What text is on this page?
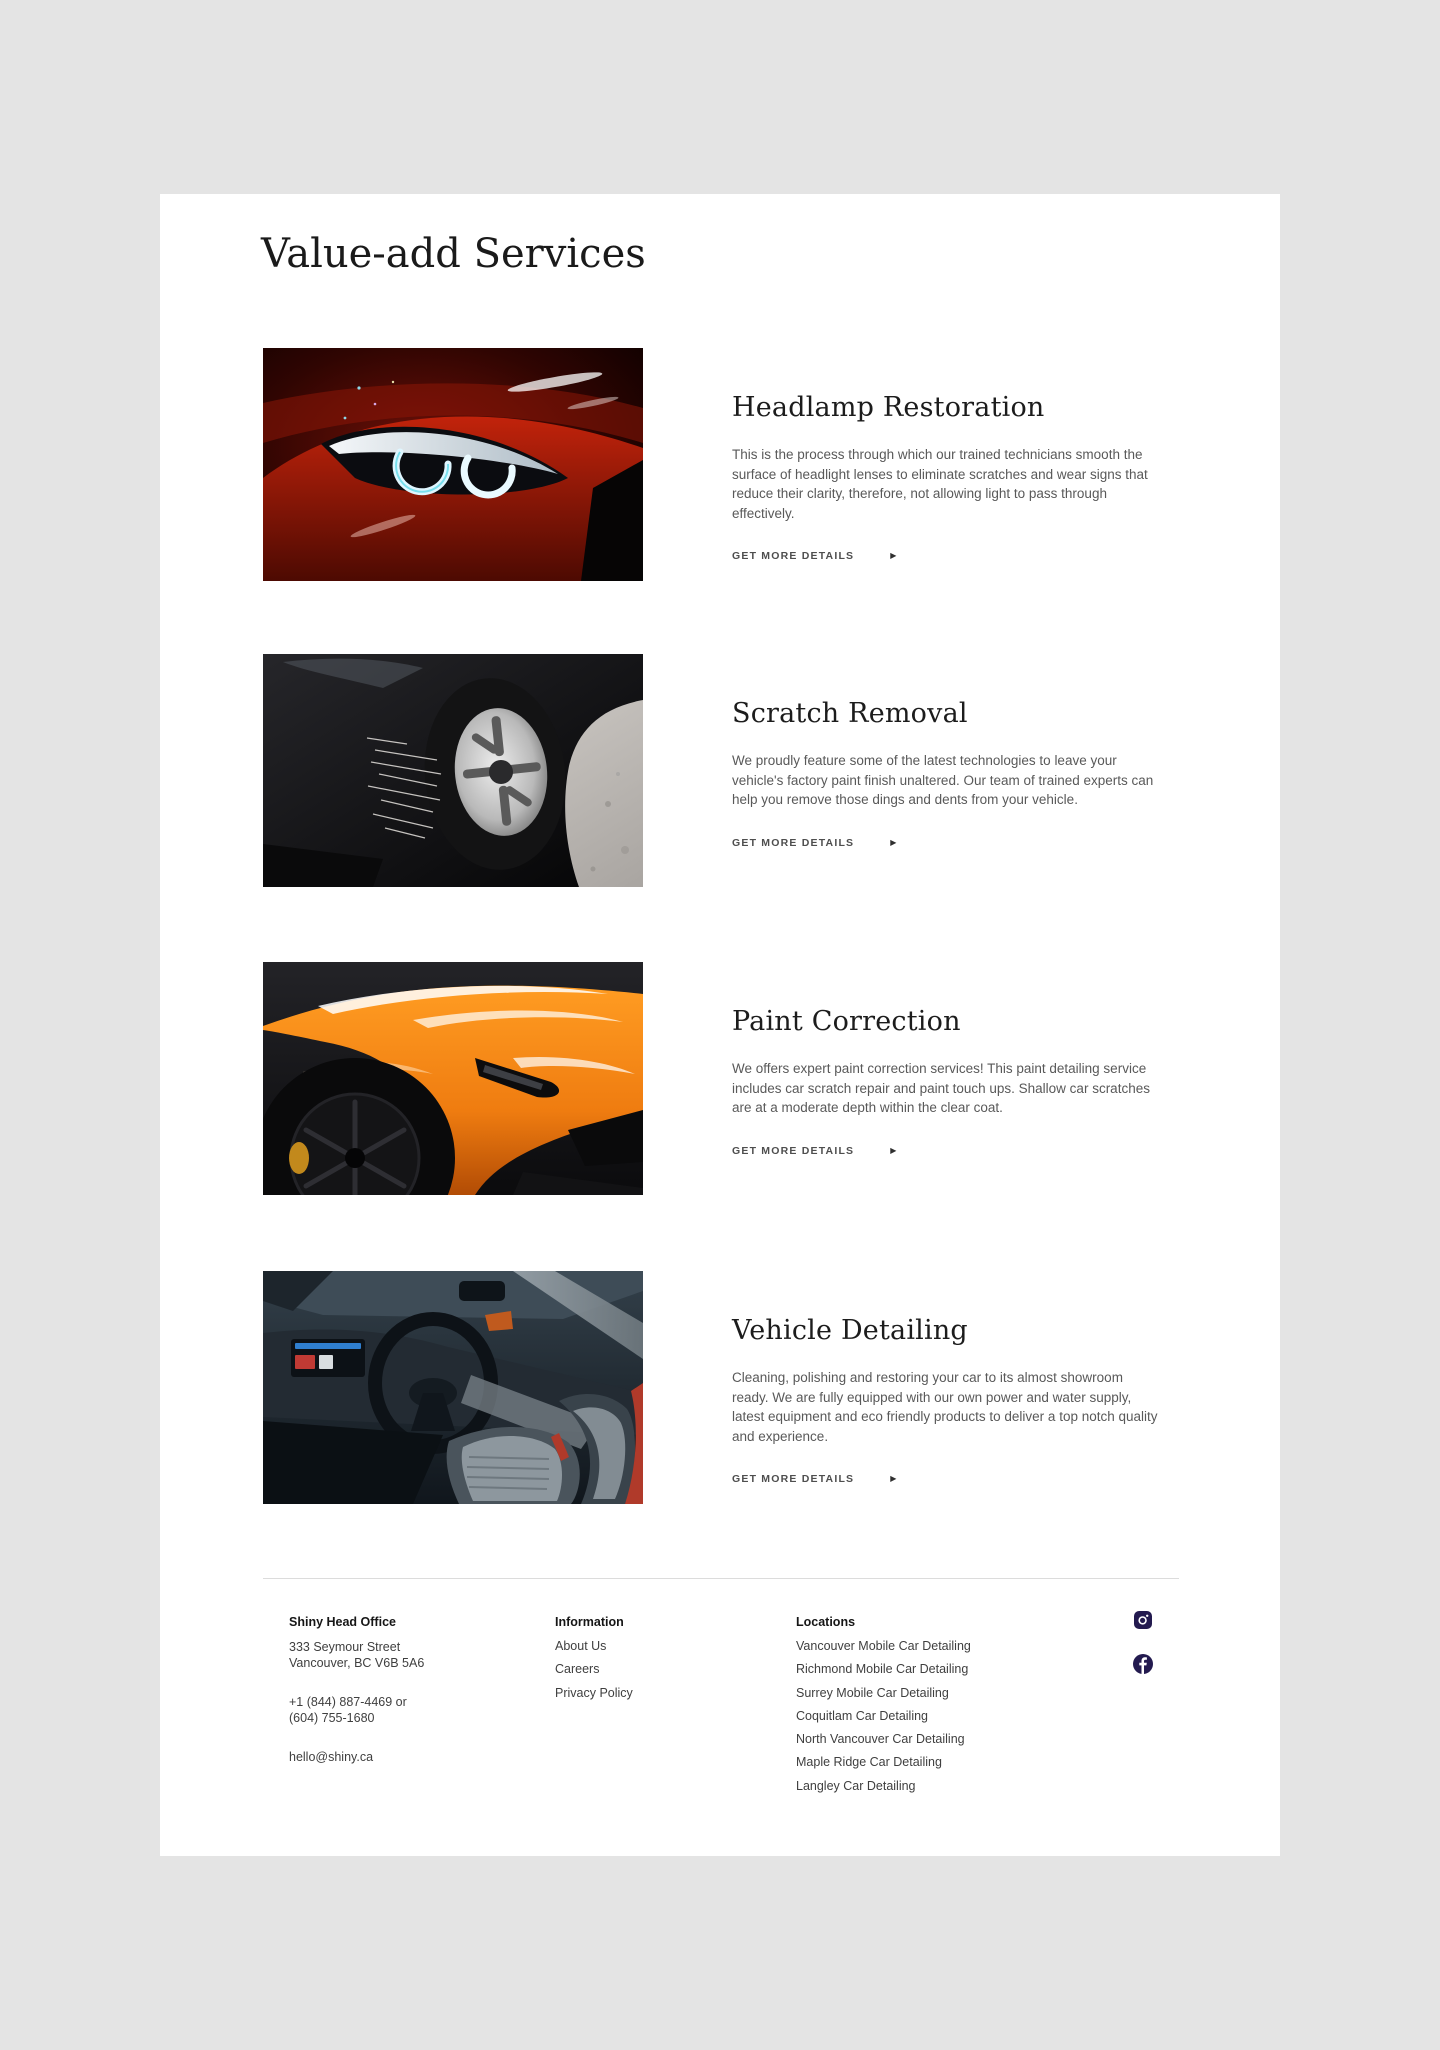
Value-add Services
Headlamp Restoration

This is the process through which our trained technicians smooth the surface of headlight lenses to eliminate scratches and wear signs that reduce their clarity, therefore, not allowing light to pass through effectively.

GET MORE DETAILS	▶
Scratch Removal

We proudly feature some of the latest technologies to leave your vehicle's factory paint finish unaltered. Our team of trained experts can help you remove those dings and dents from your vehicle.

GET MORE DETAILS	▶
Paint Correction

We offers expert paint correction services! This paint detailing service includes car scratch repair and paint touch ups. Shallow car scratches are at a moderate depth within the clear coat.

GET MORE DETAILS	▶
Vehicle Detailing

Cleaning, polishing and restoring your car to its almost showroom ready. We are fully equipped with our own power and water supply, latest equipment and eco friendly products to deliver a top notch quality and experience.

GET MORE DETAILS	▶

Shiny Head Office

333 Seymour Street
Vancouver, BC V6B 5A6
+1 (844) 887-4469 or
(604) 755-1680
hello@shiny.ca

Information

About Us
Careers
Privacy Policy

Locations

Vancouver Mobile Car Detailing
Richmond Mobile Car Detailing
Surrey Mobile Car Detailing
Coquitlam Car Detailing
North Vancouver Car Detailing
Maple Ridge Car Detailing
Langley Car Detailing
